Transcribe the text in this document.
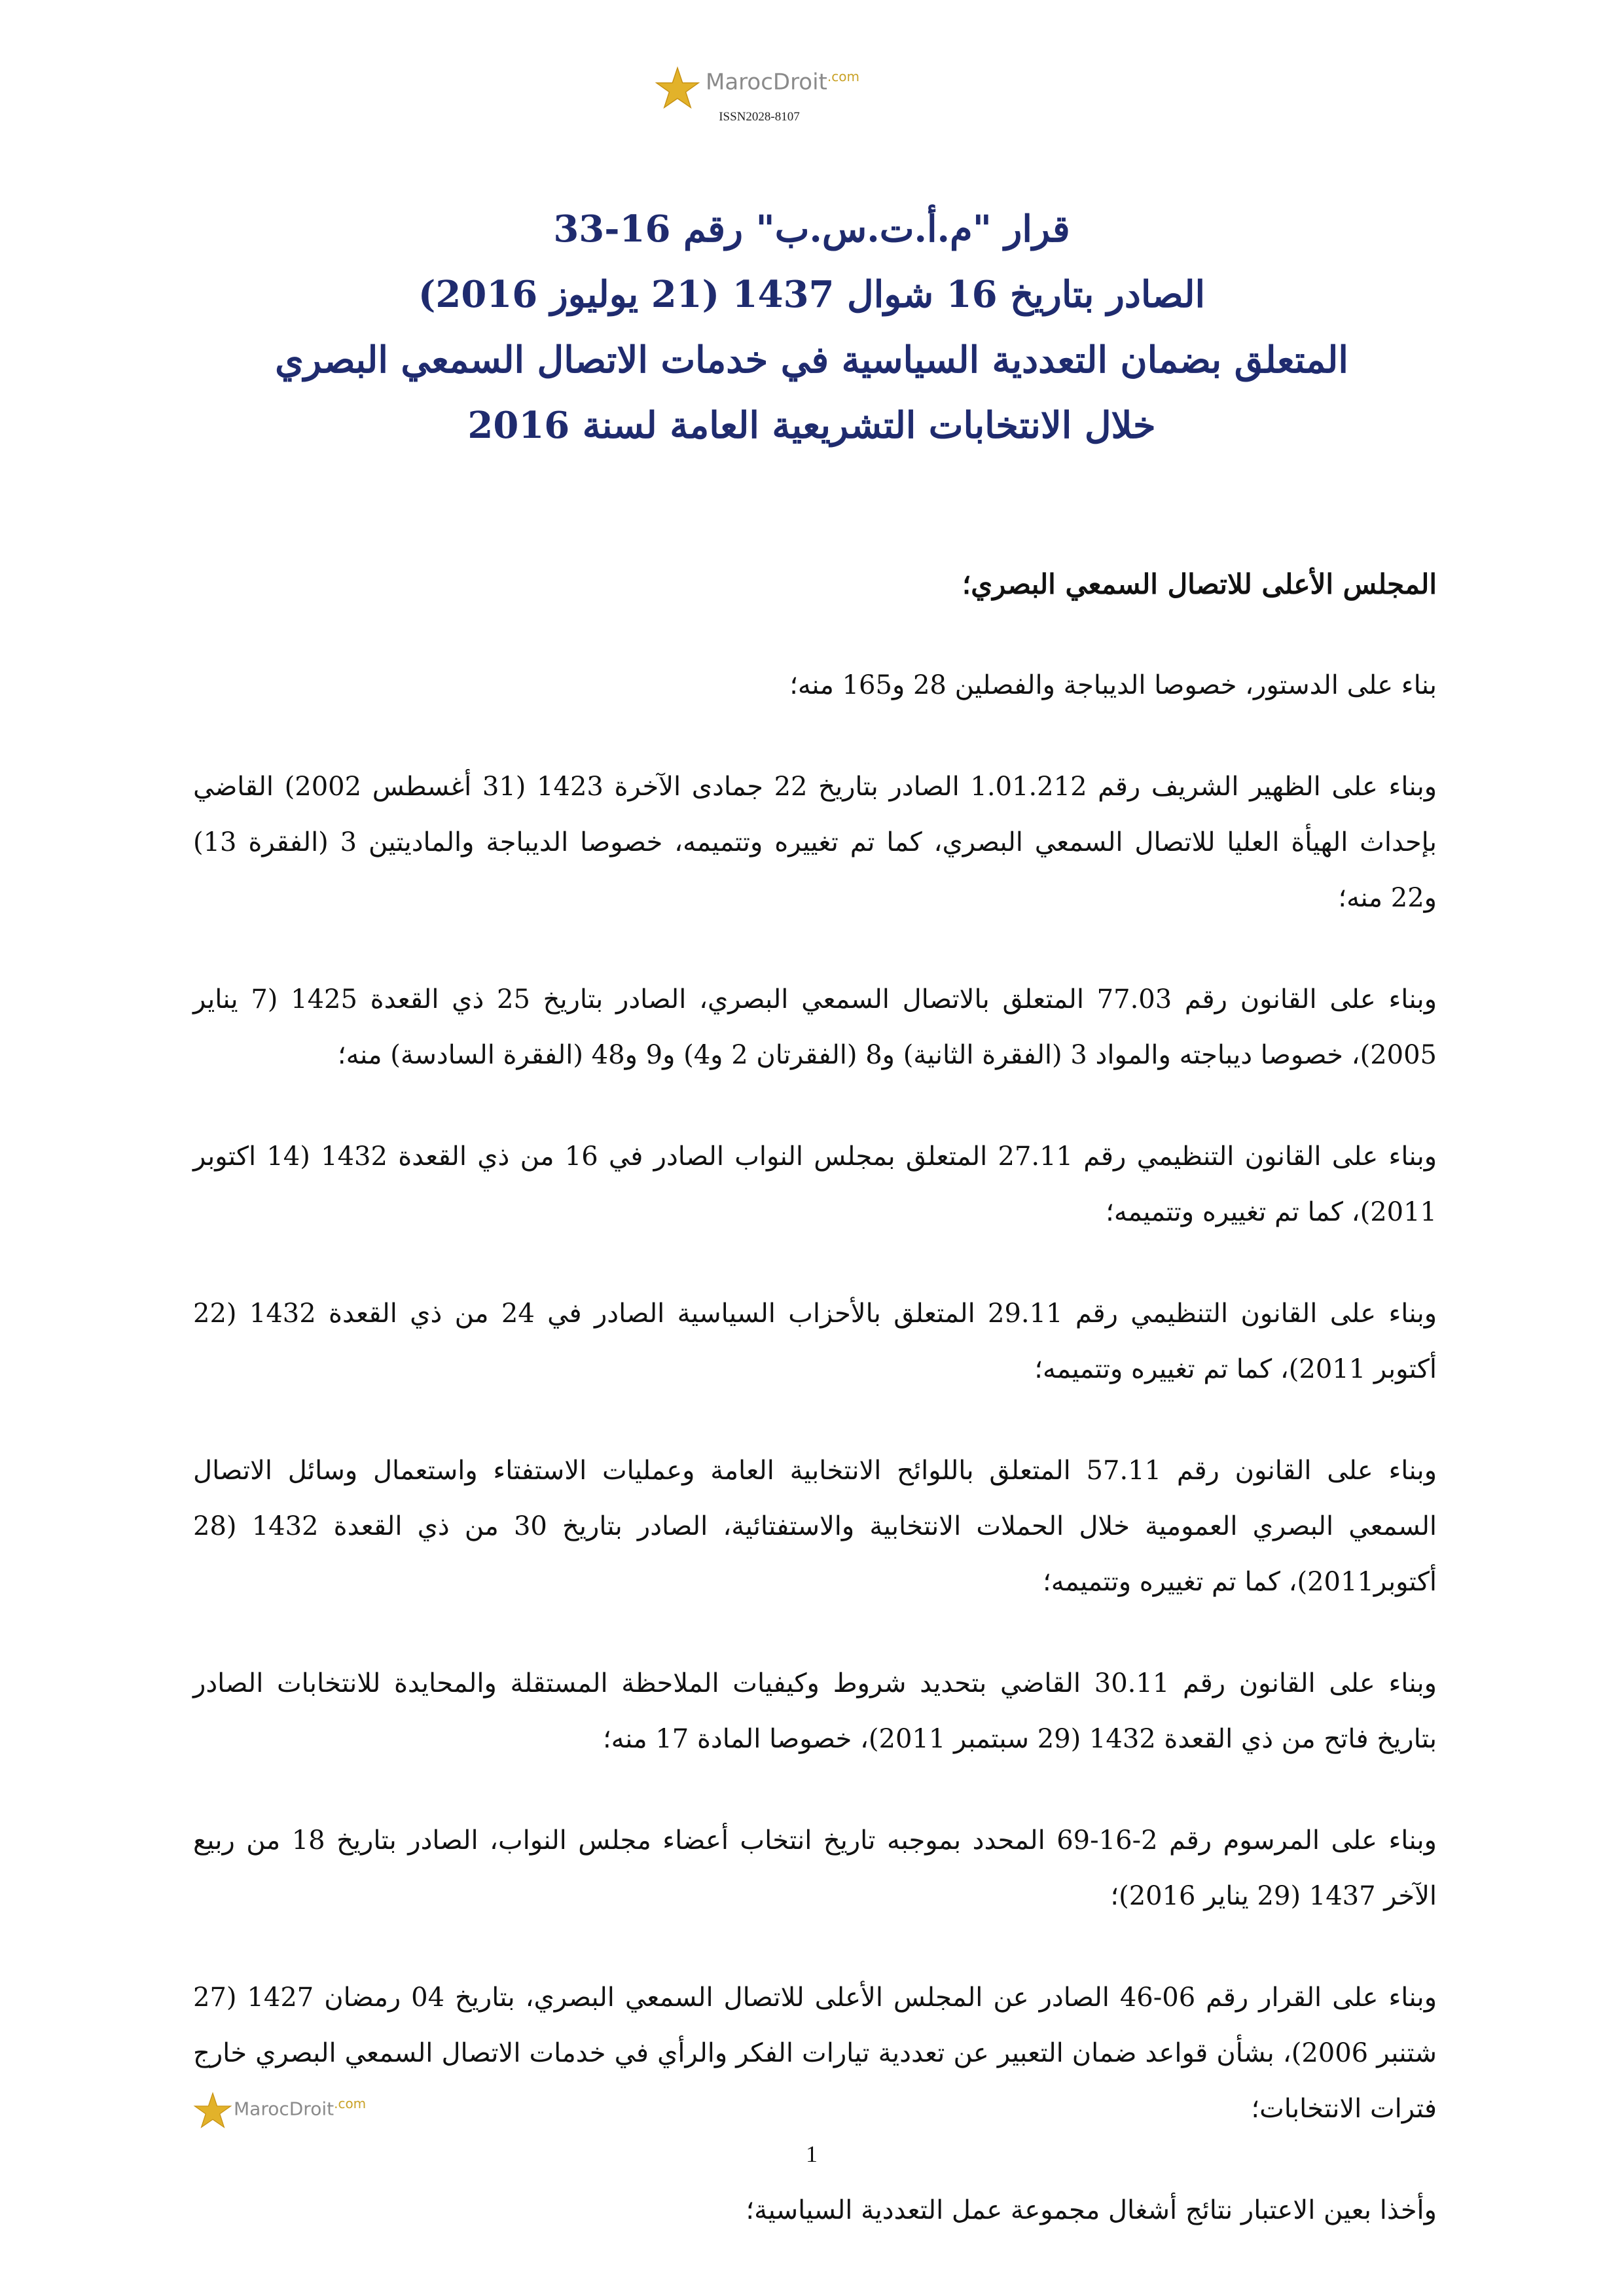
MarocDroit$^{.com}$
ISSN2028-8107

قرار "م.أ.ت.س.ب" رقم 16-33

الصادر بتاريخ 16 شوال 1437 (21 يوليوز 2016)

المتعلق بضمان التعددية السياسية في خدمات الاتصال السمعي البصري

خلال الانتخابات التشريعية العامة لسنة 2016

المجلس الأعلى للاتصال السمعي البصري؛

بناء على الدستور، خصوصا الديباجة والفصلين 28 و165 منه؛

وبناء على الظهير الشريف رقم 1.01.212 الصادر بتاريخ 22 جمادى الآخرة 1423 (31 أغسطس 2002) القاضي بإحداث الهيأة العليا للاتصال السمعي البصري، كما تم تغييره وتتميمه، خصوصا الديباجة والماديتين 3 (الفقرة 13) و22 منه؛

وبناء على القانون رقم 77.03 المتعلق بالاتصال السمعي البصري، الصادر بتاريخ 25 ذي القعدة 1425 (7 يناير 2005)، خصوصا ديباجته والمواد 3 (الفقرة الثانية) و8 (الفقرتان 2 و4) و9 و48 (الفقرة السادسة) منه؛

وبناء على القانون التنظيمي رقم 27.11 المتعلق بمجلس النواب الصادر في 16 من ذي القعدة 1432 (14 اكتوبر 2011)، كما تم تغييره وتتميمه؛

وبناء على القانون التنظيمي رقم 29.11 المتعلق بالأحزاب السياسية الصادر في 24 من ذي القعدة 1432 (22 أكتوبر 2011)، كما تم تغييره وتتميمه؛

وبناء على القانون رقم 57.11 المتعلق باللوائح الانتخابية العامة وعمليات الاستفتاء واستعمال وسائل الاتصال السمعي البصري العمومية خلال الحملات الانتخابية والاستفتائية، الصادر بتاريخ 30 من ذي القعدة 1432 (28 أكتوبر2011)، كما تم تغييره وتتميمه؛

وبناء على القانون رقم 30.11 القاضي بتحديد شروط وكيفيات الملاحظة المستقلة والمحايدة للانتخابات الصادر بتاريخ فاتح من ذي القعدة 1432 (29 سبتمبر 2011)، خصوصا المادة 17 منه؛

وبناء على المرسوم رقم 2-16-69 المحدد بموجبه تاريخ انتخاب أعضاء مجلس النواب، الصادر بتاريخ 18 من ربيع الآخر 1437 (29 يناير 2016)؛

وبناء على القرار رقم 06-46 الصادر عن المجلس الأعلى للاتصال السمعي البصري، بتاريخ 04 رمضان 1427 (27 شتنبر 2006)، بشأن قواعد ضمان التعبير عن تعددية تيارات الفكر والرأي في خدمات الاتصال السمعي البصري خارج فترات الانتخابات؛

وأخذا بعين الاعتبار نتائج أشغال مجموعة عمل التعددية السياسية؛

MarocDroit$^{.com}$
1
